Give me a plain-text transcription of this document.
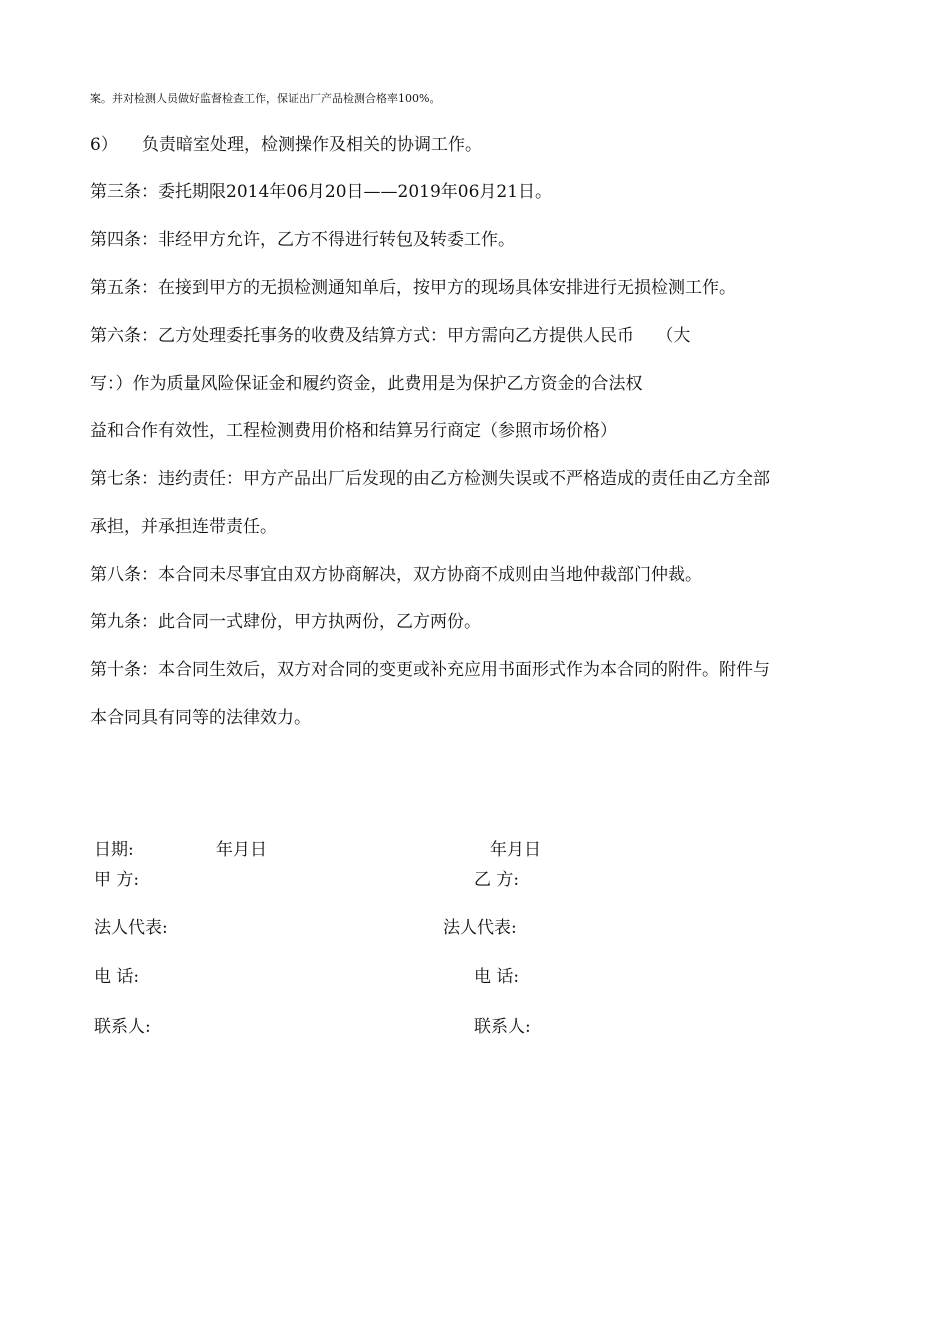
案。并对检测人员做好监督检查工作，保证出厂产品检测合格率100%。
6） 负责暗室处理，检测操作及相关的协调工作。
第三条：委托期限2014年06月20日——2019年06月21日。
第四条：非经甲方允许，乙方不得进行转包及转委工作。
第五条：在接到甲方的无损检测通知单后，按甲方的现场具体安排进行无损检测工作。
第六条：乙方处理委托事务的收费及结算方式：甲方需向乙方提供人民币　 （大
写：）作为质量风险保证金和履约资金，此费用是为保护乙方资金的合法权
益和合作有效性，工程检测费用价格和结算另行商定（参照市场价格）
第七条：违约责任：甲方产品出厂后发现的由乙方检测失误或不严格造成的责任由乙方全部
承担，并承担连带责任。
第八条：本合同未尽事宜由双方协商解决，双方协商不成则由当地仲裁部门仲裁。
第九条：此合同一式肆份，甲方执两份，乙方两份。
第十条：本合同生效后，双方对合同的变更或补充应用书面形式作为本合同的附件。附件与
本合同具有同等的法律效力。
日期:	年月日	年月日
甲 方:	乙 方:
法人代表:	法人代表:
电 话:	电 话:
联系人:	联系人:
